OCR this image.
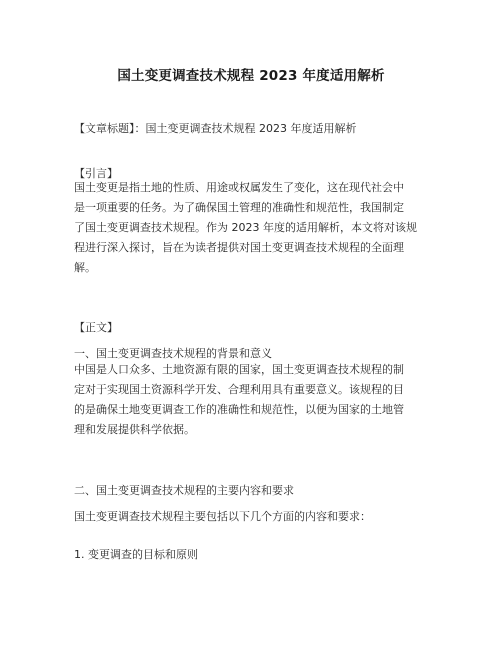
国土变更调查技术规程 2023 年度适用解析
【文章标题】：国土变更调查技术规程 2023 年度适用解析
【引言】
国土变更是指土地的性质、用途或权属发生了变化，这在现代社会中
是一项重要的任务。为了确保国土管理的准确性和规范性，我国制定
了国土变更调查技术规程。作为 2023 年度的适用解析，本文将对该规
程进行深入探讨，旨在为读者提供对国土变更调查技术规程的全面理
解。
【正文】
一、国土变更调查技术规程的背景和意义
中国是人口众多、土地资源有限的国家，国土变更调查技术规程的制
定对于实现国土资源科学开发、合理利用具有重要意义。该规程的目
的是确保土地变更调查工作的准确性和规范性，以便为国家的土地管
理和发展提供科学依据。
二、国土变更调查技术规程的主要内容和要求
国土变更调查技术规程主要包括以下几个方面的内容和要求：
1. 变更调查的目标和原则
